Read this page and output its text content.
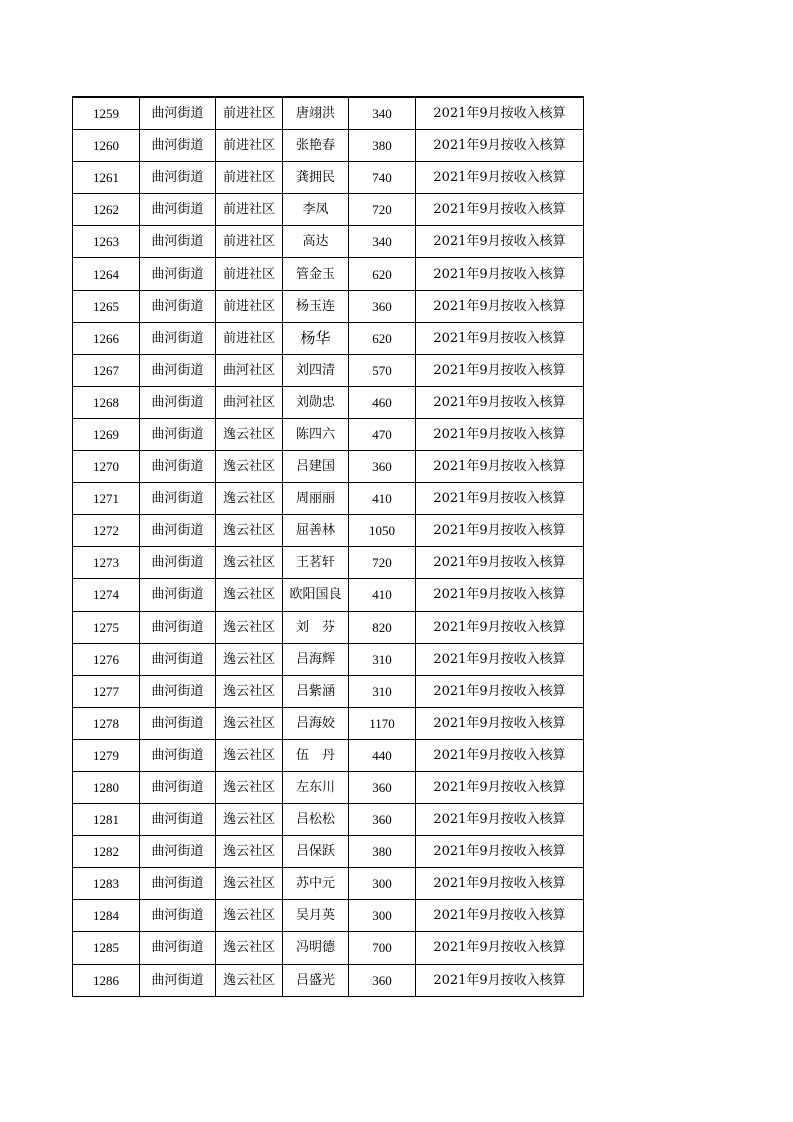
1259	曲河街道	前进社区	唐翊洪	340	2021年9月按收入核算
1260	曲河街道	前进社区	张艳春	380	2021年9月按收入核算
1261	曲河街道	前进社区	龚拥民	740	2021年9月按收入核算
1262	曲河街道	前进社区	李凤	720	2021年9月按收入核算
1263	曲河街道	前进社区	高达	340	2021年9月按收入核算
1264	曲河街道	前进社区	管金玉	620	2021年9月按收入核算
1265	曲河街道	前进社区	杨玉连	360	2021年9月按收入核算
1266	曲河街道	前进社区	杨华	620	2021年9月按收入核算
1267	曲河街道	曲河社区	刘四清	570	2021年9月按收入核算
1268	曲河街道	曲河社区	刘勋忠	460	2021年9月按收入核算
1269	曲河街道	逸云社区	陈四六	470	2021年9月按收入核算
1270	曲河街道	逸云社区	吕建国	360	2021年9月按收入核算
1271	曲河街道	逸云社区	周丽丽	410	2021年9月按收入核算
1272	曲河街道	逸云社区	屈善林	1050	2021年9月按收入核算
1273	曲河街道	逸云社区	王茗轩	720	2021年9月按收入核算
1274	曲河街道	逸云社区	欧阳国良	410	2021年9月按收入核算
1275	曲河街道	逸云社区	刘　芬	820	2021年9月按收入核算
1276	曲河街道	逸云社区	吕海辉	310	2021年9月按收入核算
1277	曲河街道	逸云社区	吕紫涵	310	2021年9月按收入核算
1278	曲河街道	逸云社区	吕海姣	1170	2021年9月按收入核算
1279	曲河街道	逸云社区	伍　丹	440	2021年9月按收入核算
1280	曲河街道	逸云社区	左东川	360	2021年9月按收入核算
1281	曲河街道	逸云社区	吕松松	360	2021年9月按收入核算
1282	曲河街道	逸云社区	吕保跃	380	2021年9月按收入核算
1283	曲河街道	逸云社区	苏中元	300	2021年9月按收入核算
1284	曲河街道	逸云社区	吴月英	300	2021年9月按收入核算
1285	曲河街道	逸云社区	冯明德	700	2021年9月按收入核算
1286	曲河街道	逸云社区	吕盛光	360	2021年9月按收入核算
